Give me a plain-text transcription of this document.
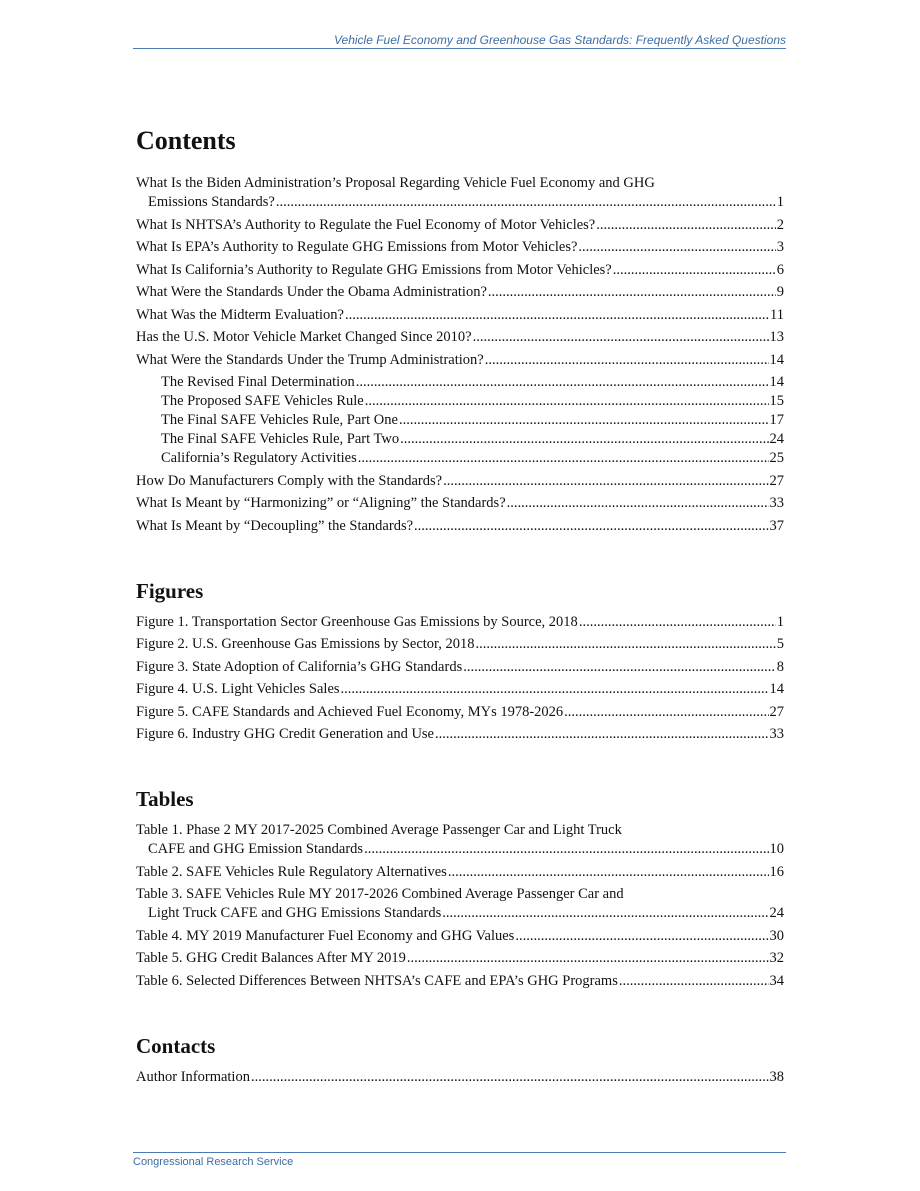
Vehicle Fuel Economy and Greenhouse Gas Standards: Frequently Asked Questions
Contents
What Is the Biden Administration’s Proposal Regarding Vehicle Fuel Economy and GHG
Emissions Standards? .....	1
What Is NHTSA’s Authority to Regulate the Fuel Economy of Motor Vehicles? .....	2
What Is EPA’s Authority to Regulate GHG Emissions from Motor Vehicles? .....	3
What Is California’s Authority to Regulate GHG Emissions from Motor Vehicles? .....	6
What Were the Standards Under the Obama Administration? .....	9
What Was the Midterm Evaluation? .....	11
Has the U.S. Motor Vehicle Market Changed Since 2010? .....	13
What Were the Standards Under the Trump Administration? .....	14
The Revised Final Determination .....	14
The Proposed SAFE Vehicles Rule .....	15
The Final SAFE Vehicles Rule, Part One .....	17
The Final SAFE Vehicles Rule, Part Two .....	24
California’s Regulatory Activities .....	25
How Do Manufacturers Comply with the Standards? .....	27
What Is Meant by “Harmonizing” or “Aligning” the Standards? .....	33
What Is Meant by “Decoupling” the Standards? .....	37
Figures
Figure 1. Transportation Sector Greenhouse Gas Emissions by Source, 2018 .....	1
Figure 2. U.S. Greenhouse Gas Emissions by Sector, 2018 .....	5
Figure 3. State Adoption of California’s GHG Standards .....	8
Figure 4. U.S. Light Vehicles Sales .....	14
Figure 5. CAFE Standards and Achieved Fuel Economy, MYs 1978-2026 .....	27
Figure 6. Industry GHG Credit Generation and Use .....	33
Tables
Table 1. Phase 2 MY 2017-2025 Combined Average Passenger Car and Light Truck
CAFE and GHG Emission Standards .....	10
Table 2. SAFE Vehicles Rule Regulatory Alternatives .....	16
Table 3. SAFE Vehicles Rule MY 2017-2026 Combined Average Passenger Car and
Light Truck CAFE and GHG Emissions Standards .....	24
Table 4. MY 2019 Manufacturer Fuel Economy and GHG Values .....	30
Table 5. GHG Credit Balances After MY 2019 .....	32
Table 6. Selected Differences Between NHTSA’s CAFE and EPA’s GHG Programs .....	34
Contacts
Author Information .....	38
Congressional Research Service
